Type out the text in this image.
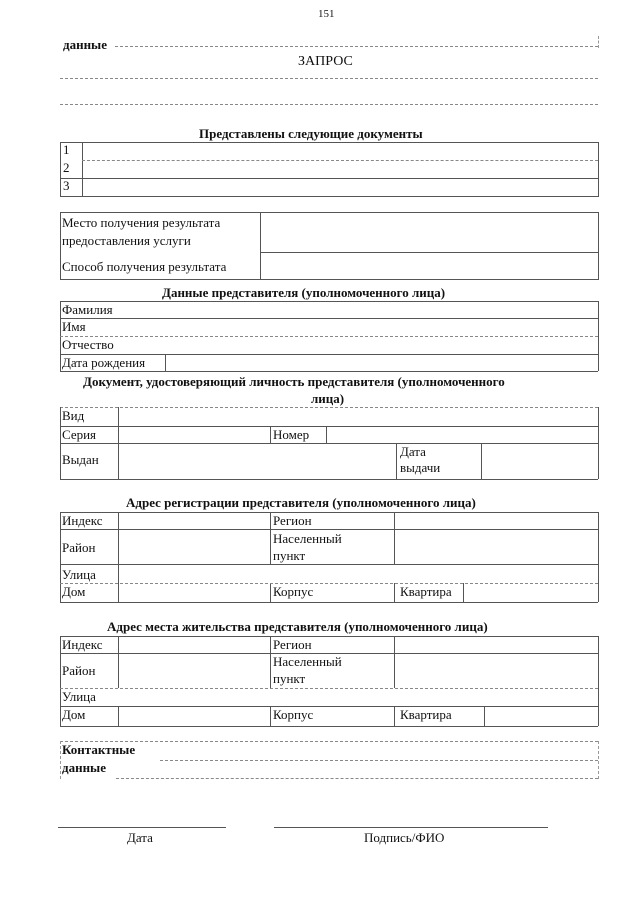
151
данные
ЗАПРОС
Представлены следующие документы
1
2
3
Место получения результата
предоставления услуги
Способ получения результата
Данные представителя (уполномоченного лица)
Фамилия
Имя
Отчество
Дата рождения
Документ, удостоверяющий личность представителя (уполномоченного
лица)
Вид
Серия	Номер
Выдан
Дата
выдачи
Адрес регистрации представителя (уполномоченного лица)
Индекс	Регион
Район
Населенный
пункт
Улица
Дом	Корпус	Квартира
Адрес места жительства представителя (уполномоченного лица)
Индекс	Регион
Район
Населенный
пункт
Улица
Дом	Корпус	Квартира
Контактные
данные
Дата	Подпись/ФИО
